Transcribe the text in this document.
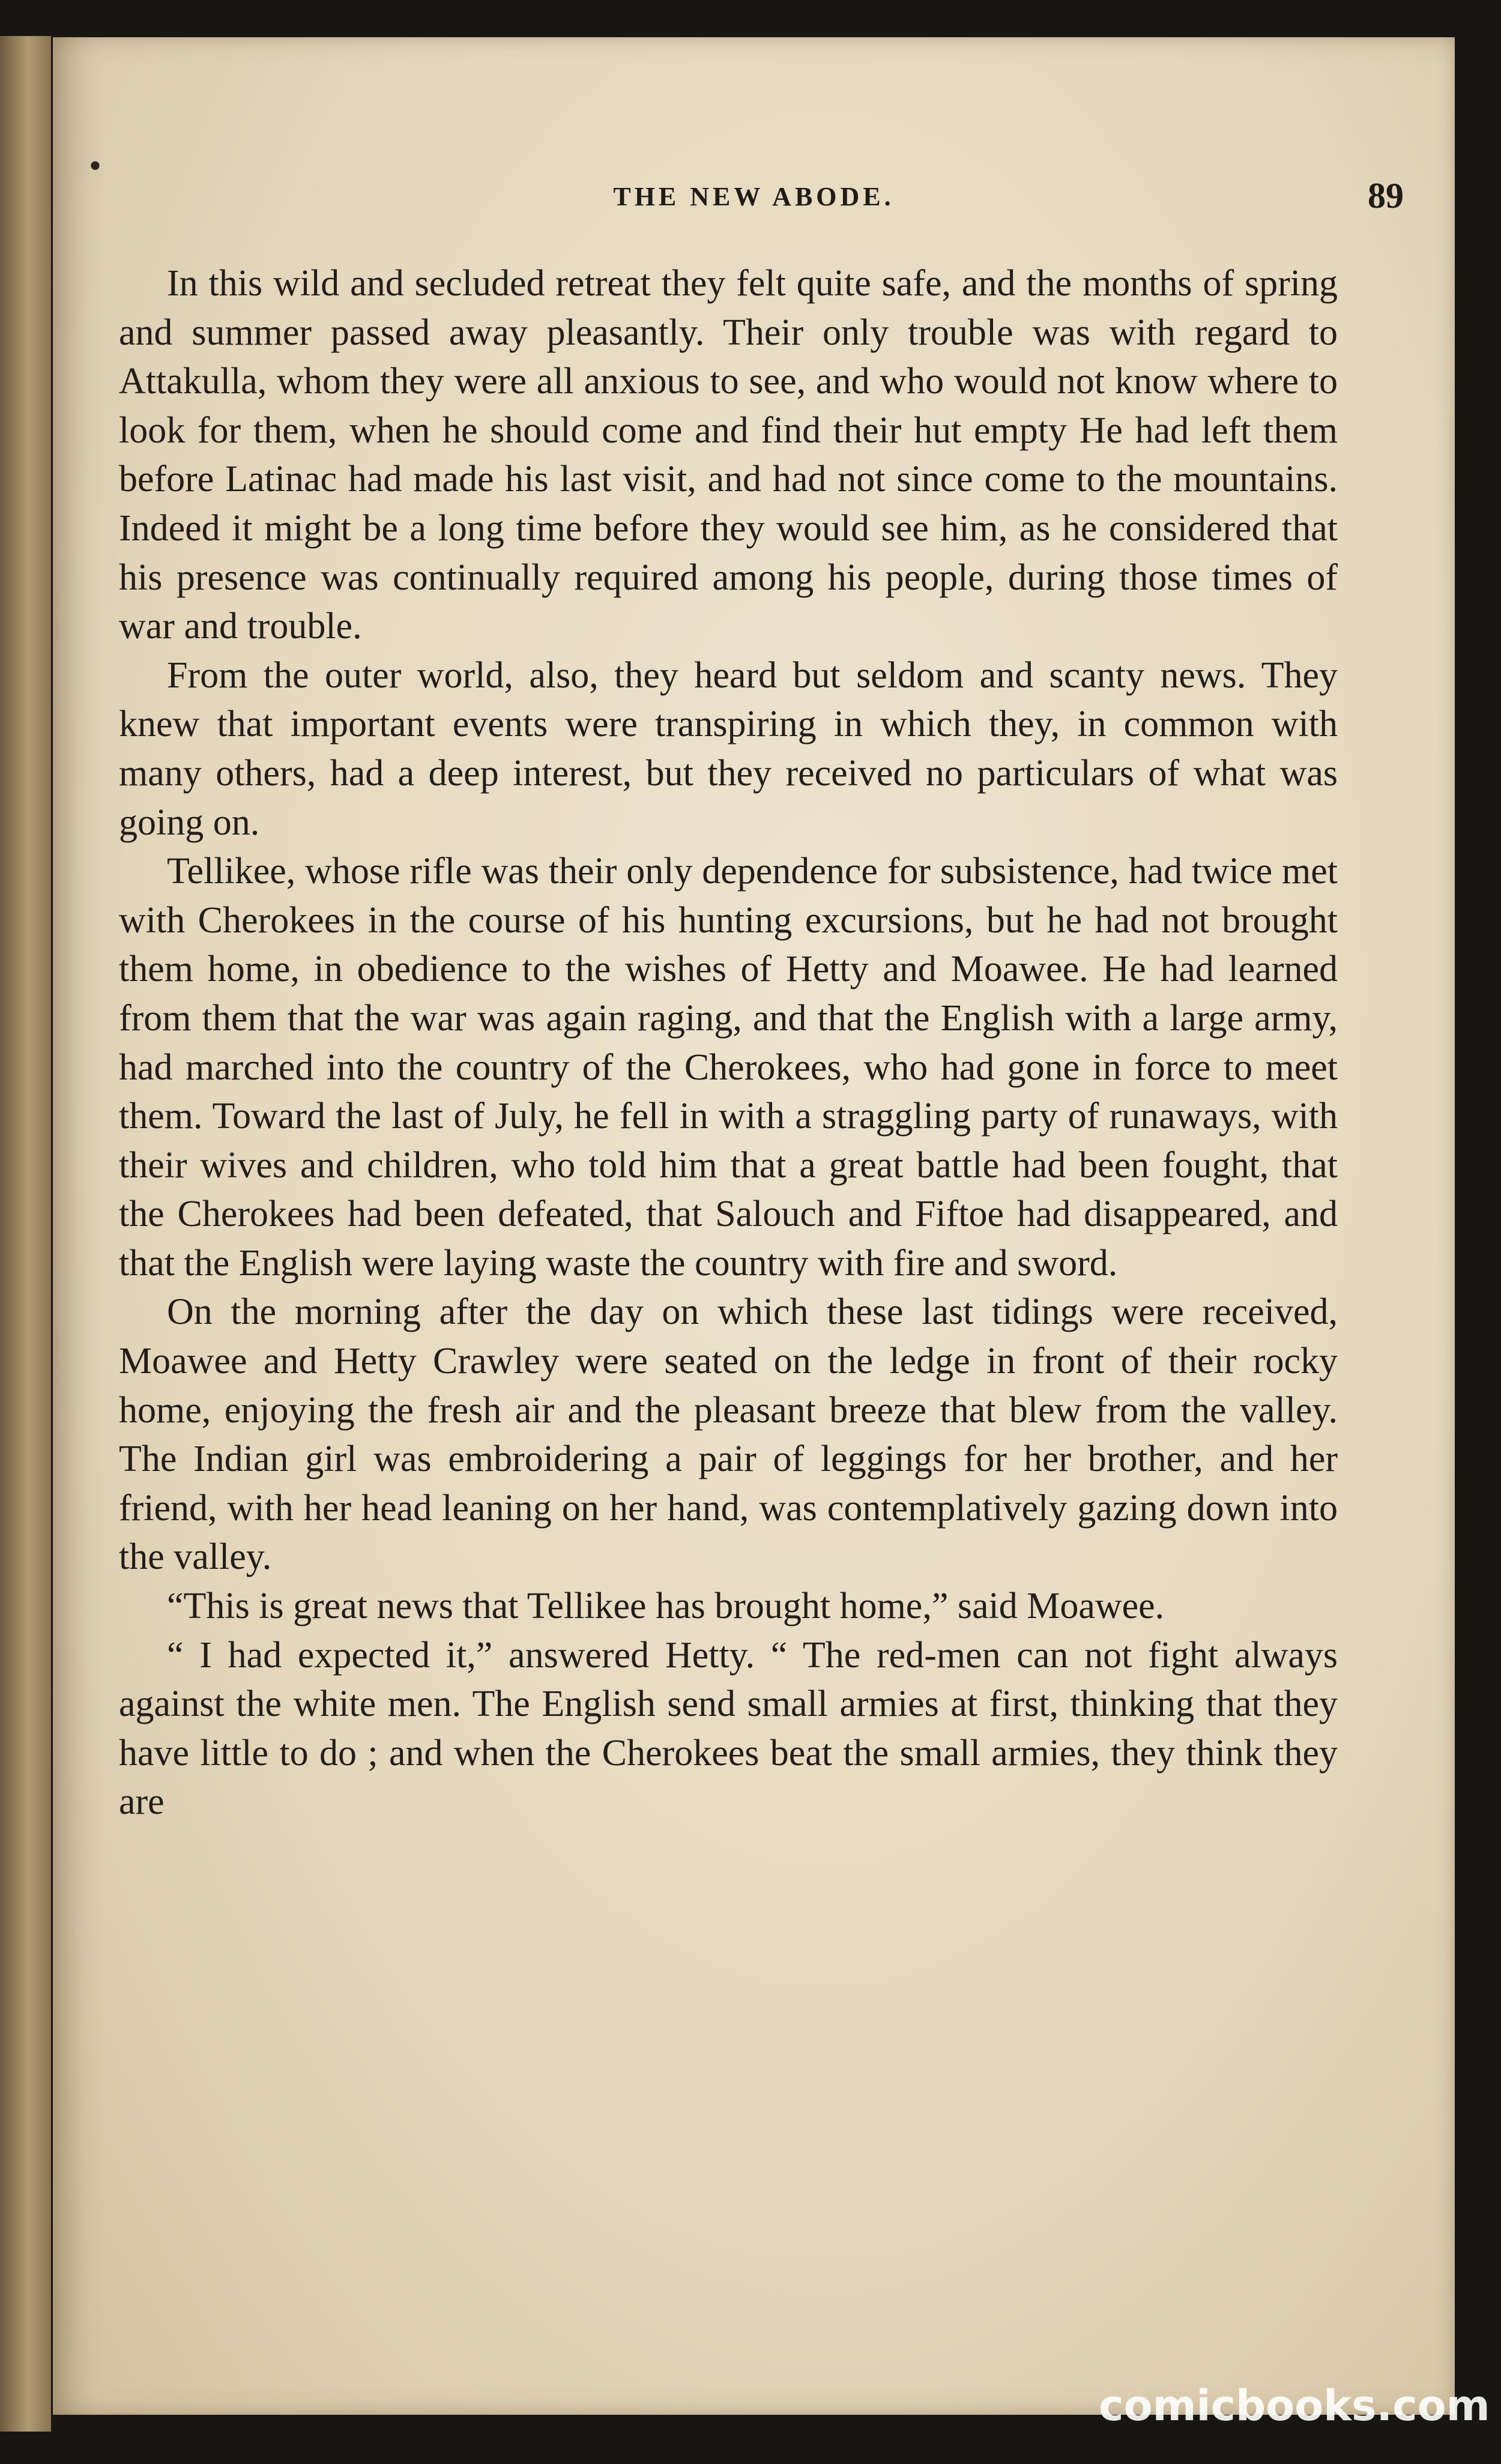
•
THE NEW ABODE.	89

In this wild and secluded retreat they felt quite safe, and the months of spring and summer passed away pleasantly. Their only trouble was with regard to Attakulla, whom they were all anxious to see, and who would not know where to look for them, when he should come and find their hut empty He had left them before Latinac had made his last visit, and had not since come to the mountains. Indeed it might be a long time before they would see him, as he considered that his presence was continually required among his people, during those times of war and trouble.

From the outer world, also, they heard but seldom and scanty news. They knew that important events were transpiring in which they, in common with many others, had a deep interest, but they received no particulars of what was going on.

Tellikee, whose rifle was their only dependence for subsistence, had twice met with Cherokees in the course of his hunting excursions, but he had not brought them home, in obedience to the wishes of Hetty and Moawee. He had learned from them that the war was again raging, and that the English with a large army, had marched into the country of the Cherokees, who had gone in force to meet them. Toward the last of July, he fell in with a straggling party of runaways, with their wives and children, who told him that a great battle had been fought, that the Cherokees had been defeated, that Salouch and Fiftoe had disappeared, and that the English were laying waste the country with fire and sword.

On the morning after the day on which these last tidings were received, Moawee and Hetty Crawley were seated on the ledge in front of their rocky home, enjoying the fresh air and the pleasant breeze that blew from the valley. The Indian girl was embroidering a pair of leggings for her brother, and her friend, with her head leaning on her hand, was contemplatively gazing down into the valley.

“This is great news that Tellikee has brought home,” said Moawee.

“ I had expected it,” answered Hetty. “ The red-men can not fight always against the white men. The English send small armies at first, thinking that they have little to do ; and when the Cherokees beat the small armies, they think they are

comicbooks.com
